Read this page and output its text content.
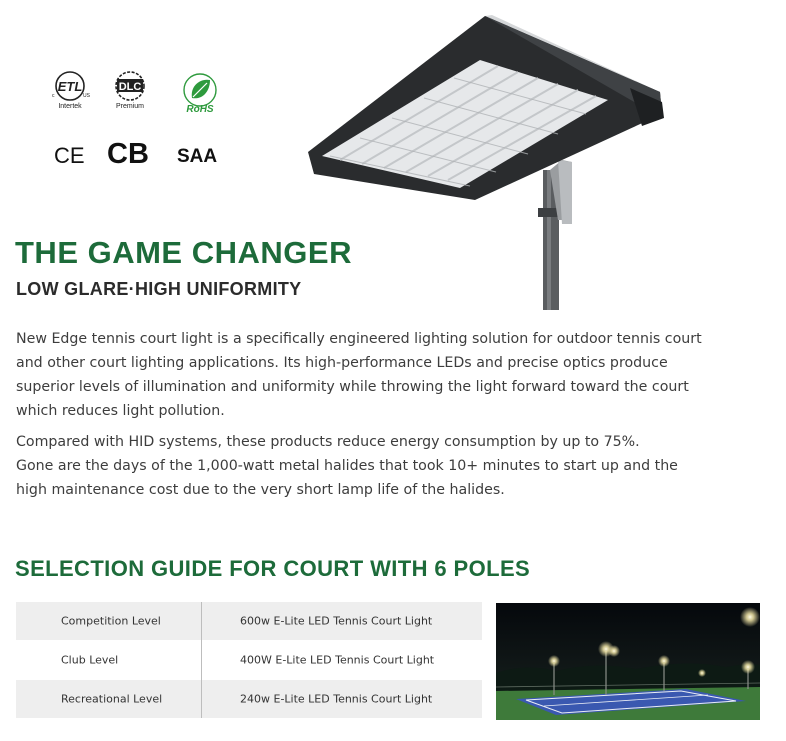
ETL
c	US
Intertek
DLC
Premium	RoHS
CE CB SAA
THE GAME CHANGER
LOW GLARE·HIGH UNIFORMITY
New Edge tennis court light is a specifically engineered lighting solution for outdoor tennis court
and other court lighting applications. Its high-performance LEDs and precise optics produce
superior levels of illumination and uniformity while throwing the light forward toward the court
which reduces light pollution.
Compared with HID systems, these products reduce energy consumption by up to 75%.
Gone are the days of the 1,000-watt metal halides that took 10+ minutes to start up and the
high maintenance cost due to the very short lamp life of the halides.
SELECTION GUIDE FOR COURT WITH 6 POLES
Competition Level	600w E-Lite LED Tennis Court Light
Club Level	400W E-Lite LED Tennis Court Light
Recreational Level	240w E-Lite LED Tennis Court Light
